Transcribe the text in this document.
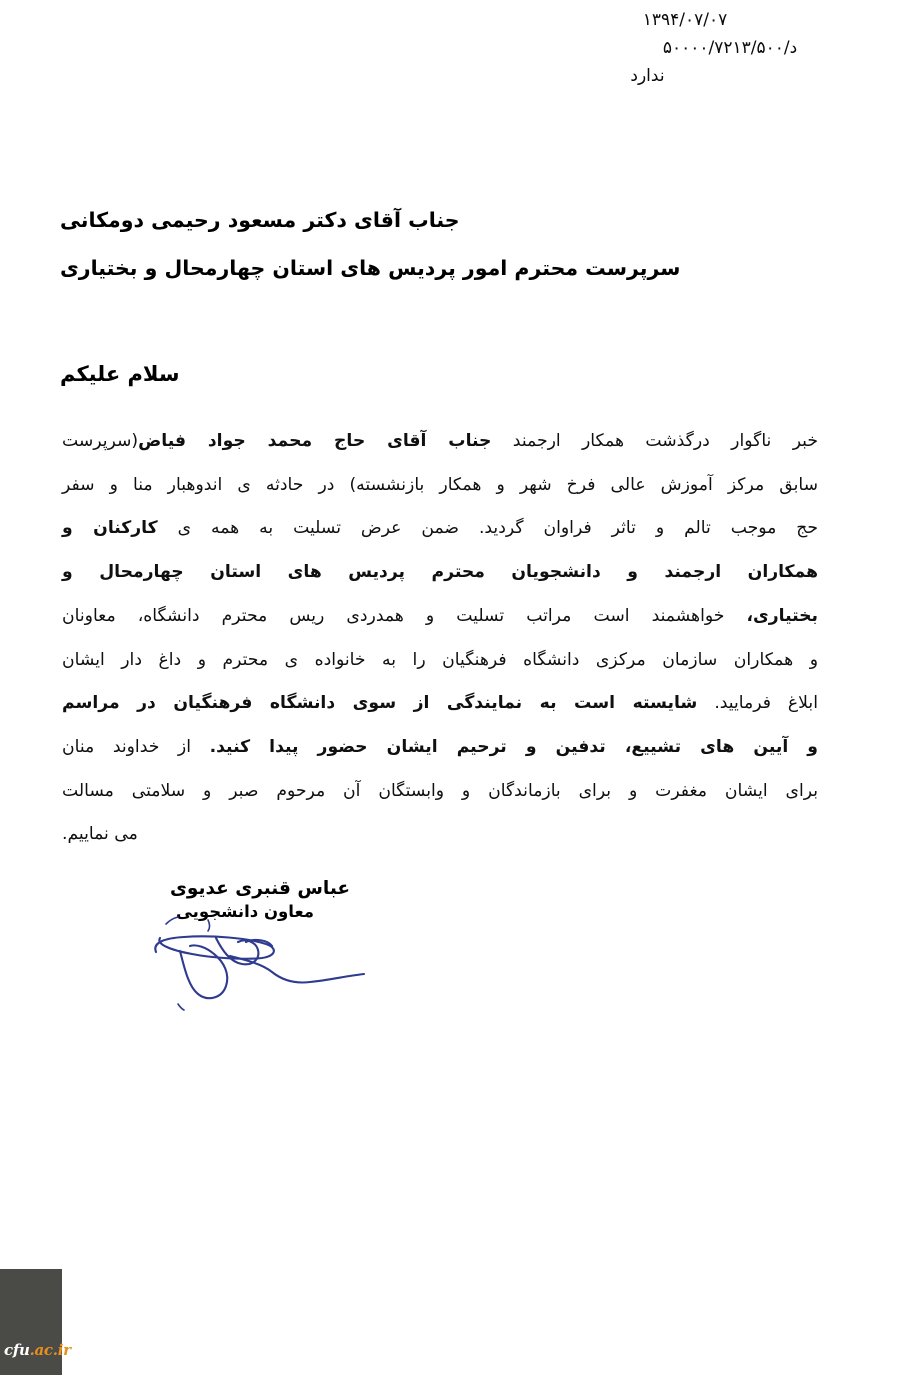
۱۳۹۴/۰۷/۰۷
د/۵۰۰۰۰/۷۲۱۳/۵۰۰
ندارد
جناب آقای دکتر مسعود رحیمی دومکانی
سرپرست محترم امور پردیس های استان چهارمحال و بختیاری
سلام علیکم
خبر ناگوار درگذشت همکار ارجمند جناب آقای حاج محمد جواد فیاض(سرپرست
سابق مرکز آموزش عالی فرخ شهر و همکار بازنشسته) در حادثه ی اندوهبار منا و سفر
حج موجب تالم و تاثر فراوان گردید. ضمن عرض تسلیت به همه ی کارکنان و
همکاران ارجمند و دانشجویان محترم پردیس های استان چهارمحال و
بختیاری، خواهشمند است مراتب تسلیت و همدردی ریس محترم دانشگاه، معاونان
و همکاران سازمان مرکزی دانشگاه فرهنگیان را به خانواده ی محترم و داغ دار ایشان
ابلاغ فرمایید. شایسته است به نمایندگی از سوی دانشگاه فرهنگیان در مراسم
و آیین های تشییع، تدفین و ترحیم ایشان حضور پیدا کنید. از خداوند منان
برای ایشان مغفرت و برای بازماندگان و وابستگان آن مرحوم صبر و سلامتی مسالت
می نماییم.
عباس قنبری عدیوی
معاون دانشجویی
cfu.ac.ir
